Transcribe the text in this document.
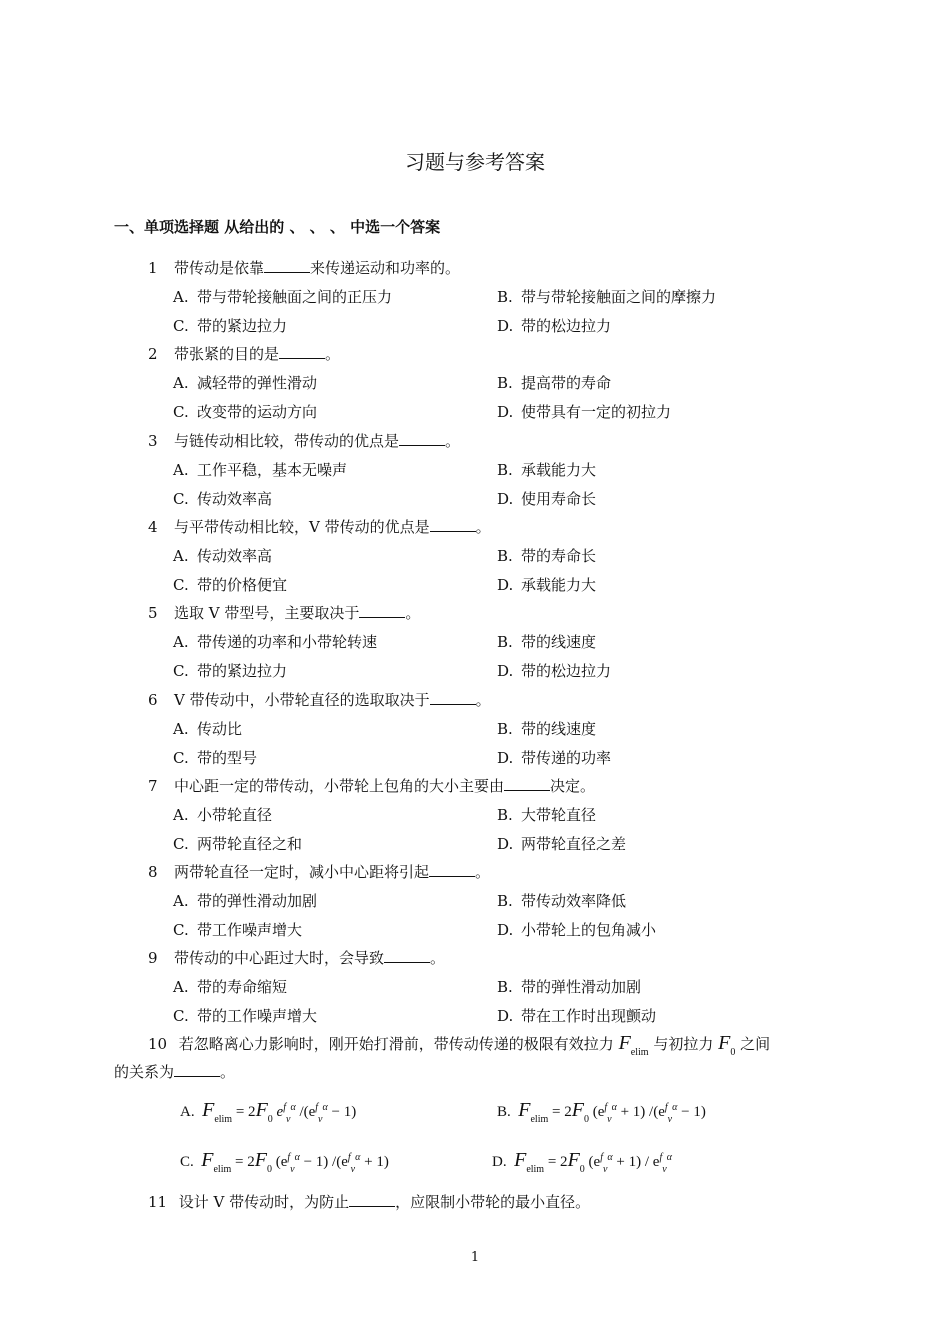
习题与参考答案
一、单项选择题 从给出的 、 、 、 中选一个答案
1 带传动是依靠	来传递运动和功率的。
A. 带与带轮接触面之间的正压力	B. 带与带轮接触面之间的摩擦力
C. 带的紧边拉力	D. 带的松边拉力
2 带张紧的目的是	。
A. 减轻带的弹性滑动	B. 提高带的寿命
C. 改变带的运动方向	D. 使带具有一定的初拉力
3 与链传动相比较，带传动的优点是	。
A. 工作平稳，基本无噪声	B. 承载能力大
C. 传动效率高	D. 使用寿命长
4 与平带传动相比较，V 带传动的优点是	。
A. 传动效率高	B. 带的寿命长
C. 带的价格便宜	D. 承载能力大
5 选取 V 带型号，主要取决于	。
A. 带传递的功率和小带轮转速	B. 带的线速度
C. 带的紧边拉力	D. 带的松边拉力
6 V 带传动中，小带轮直径的选取取决于	。
A. 传动比	B. 带的线速度
C. 带的型号	D. 带传递的功率
7 中心距一定的带传动，小带轮上包角的大小主要由	决定。
A. 小带轮直径	B. 大带轮直径
C. 两带轮直径之和	D. 两带轮直径之差
8 两带轮直径一定时，减小中心距将引起	。
A. 带的弹性滑动加剧	B. 带传动效率降低
C. 带工作噪声增大	D. 小带轮上的包角减小
9 带传动的中心距过大时，会导致	。
A. 带的寿命缩短	B. 带的弹性滑动加剧
C. 带的工作噪声增大	D. 带在工作时出现颤动
10 若忽略离心力影响时，刚开始打滑前，带传动传递的极限有效拉力 $F_{elim}$ 与初拉力 $F_0$ 之间
的关系为	。
A. $F_{elim} = 2F_0$ $e^f_v^\alpha$ $/(e^f_v^\alpha - 1)$	B. $F_{elim} = 2F_0$ $(e^f_v^\alpha + 1) /(e^f_v^\alpha - 1)$
C. $F_{elim} = 2F_0$ $(e^f_v^\alpha - 1) /(e^f_v^\alpha + 1)$	D. $F_{elim} = 2F_0$ $(e^f_v^\alpha + 1) / e^f_v^\alpha$
11 设计 V 带传动时，为防止	，应限制小带轮的最小直径。
1
